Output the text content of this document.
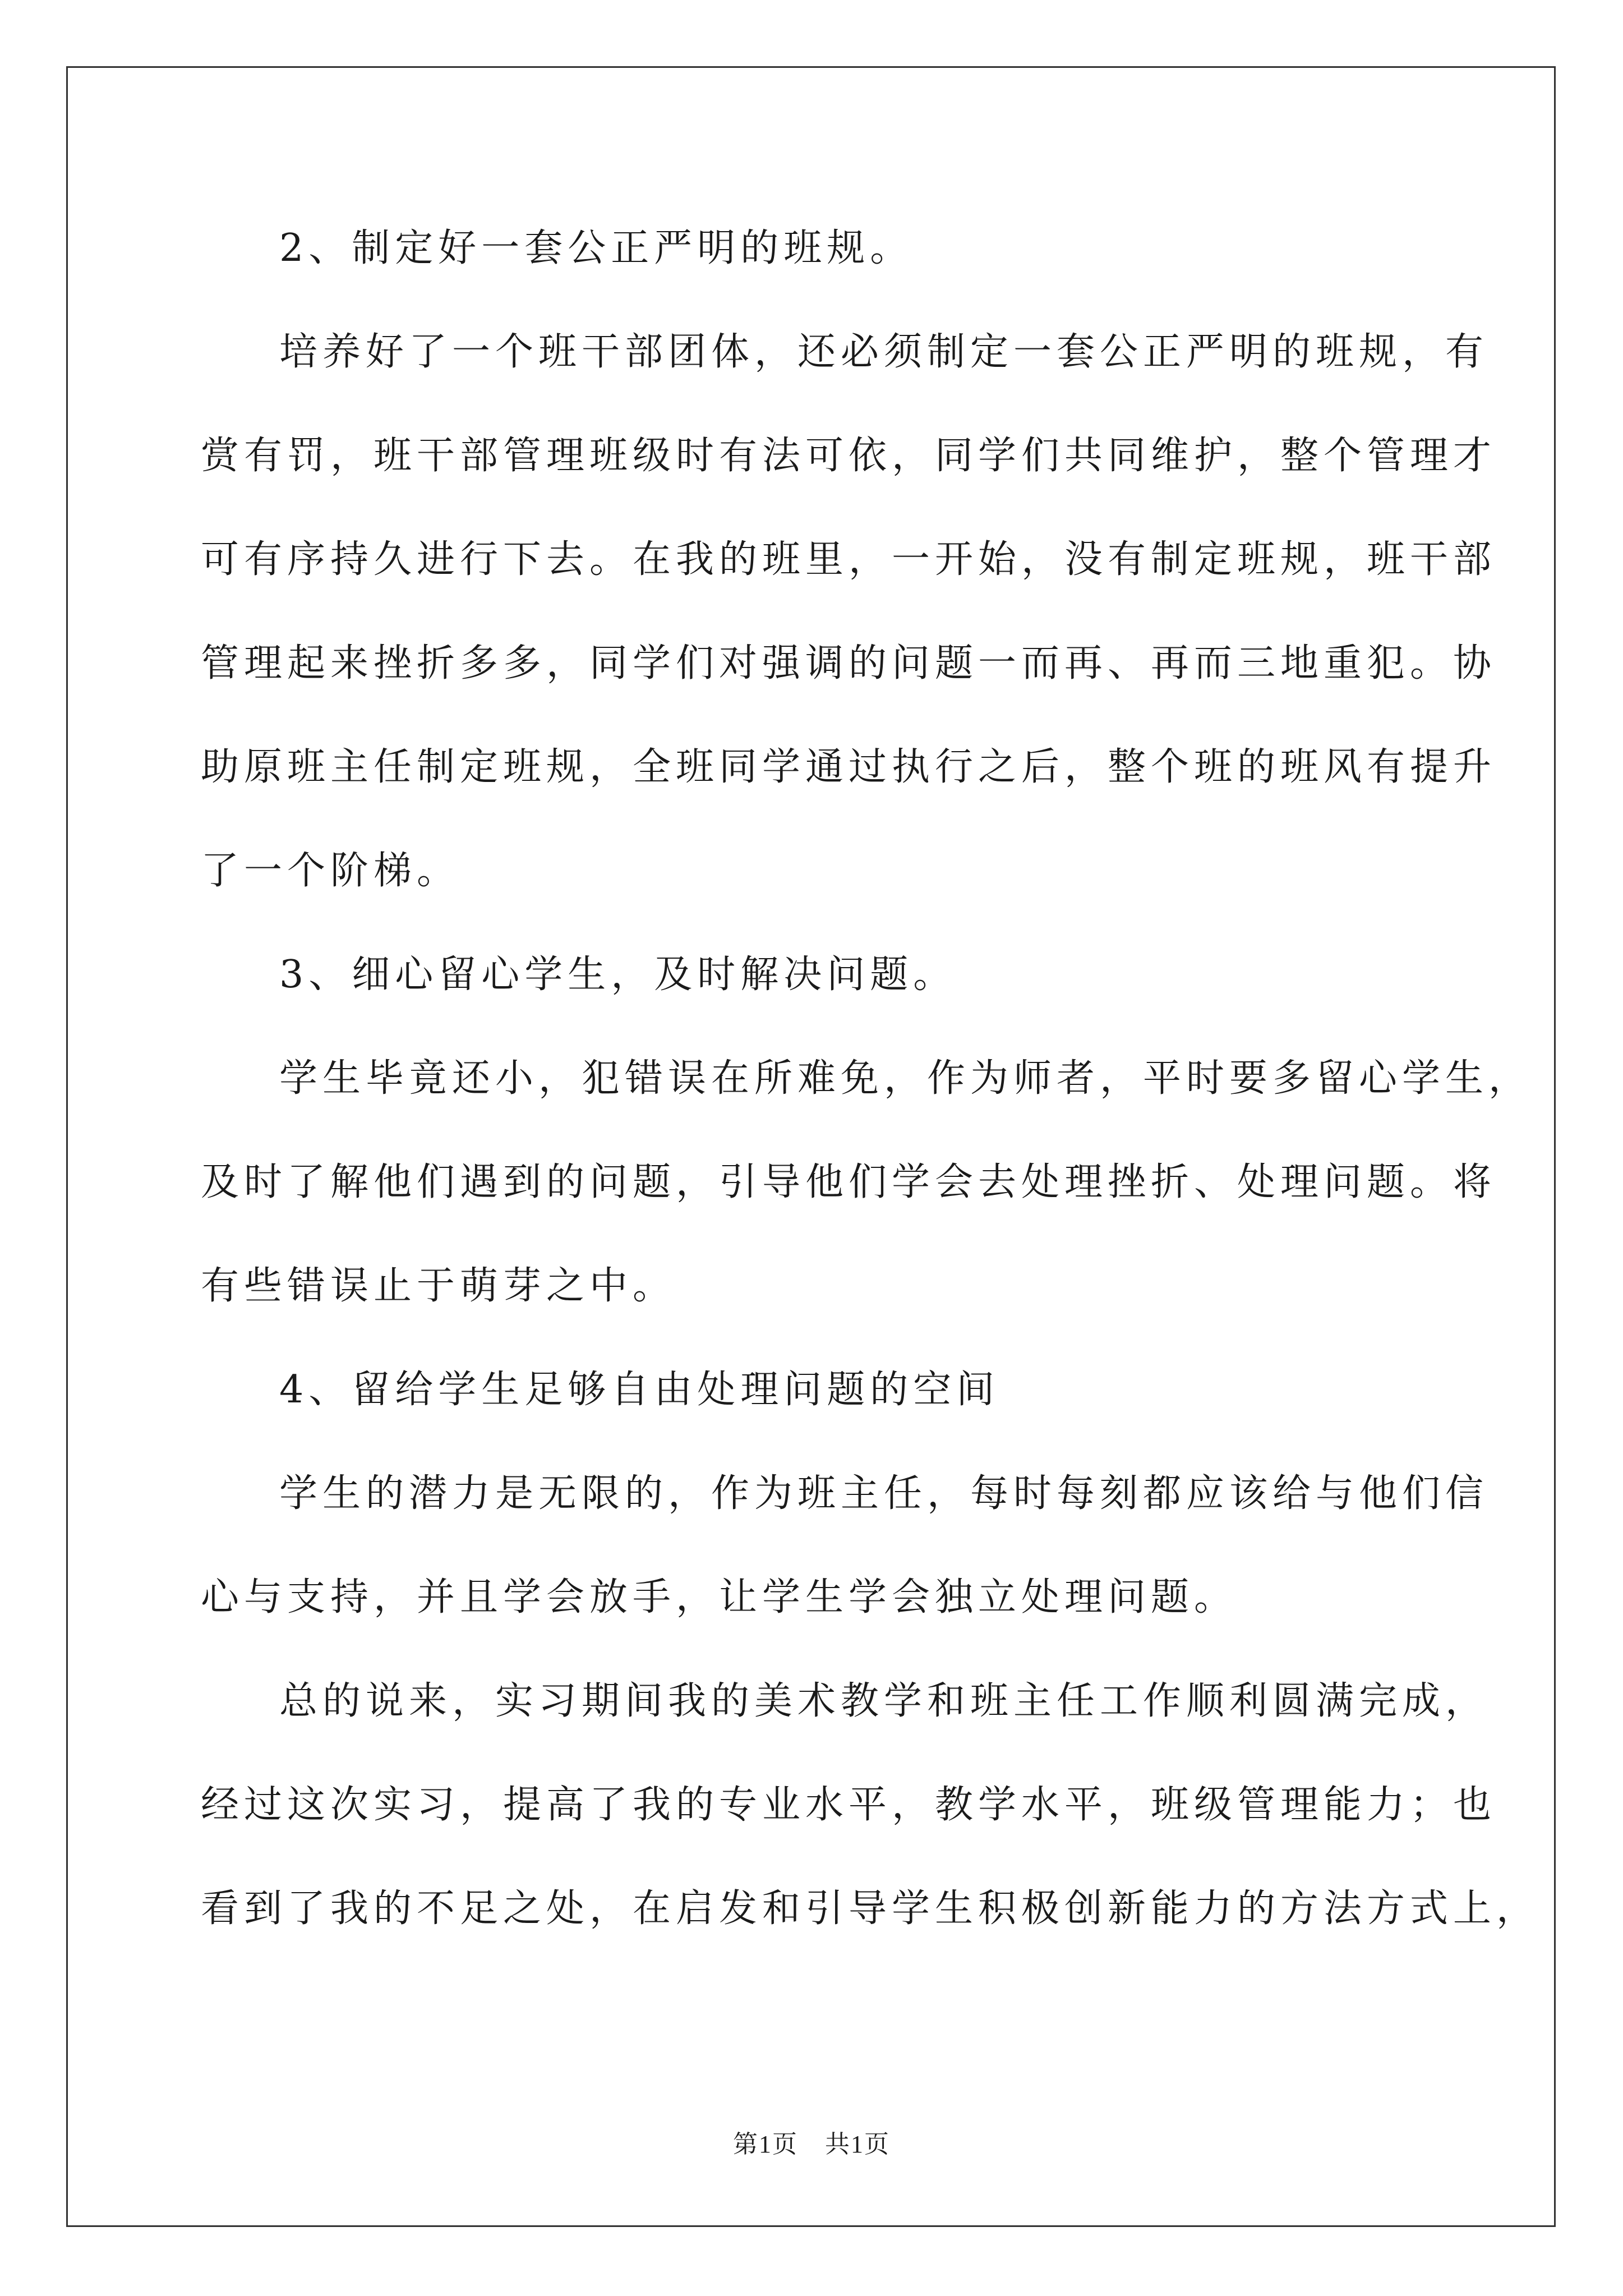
2、制定好一套公正严明的班规。
培养好了一个班干部团体，还必须制定一套公正严明的班规，有
赏有罚，班干部管理班级时有法可依，同学们共同维护，整个管理才
可有序持久进行下去。在我的班里，一开始，没有制定班规，班干部
管理起来挫折多多，同学们对强调的问题一而再、再而三地重犯。协
助原班主任制定班规，全班同学通过执行之后，整个班的班风有提升
了一个阶梯。
3、细心留心学生，及时解决问题。
学生毕竟还小，犯错误在所难免，作为师者，平时要多留心学生，
及时了解他们遇到的问题，引导他们学会去处理挫折、处理问题。将
有些错误止于萌芽之中。
4、留给学生足够自由处理问题的空间
学生的潜力是无限的，作为班主任，每时每刻都应该给与他们信
心与支持，并且学会放手，让学生学会独立处理问题。
总的说来，实习期间我的美术教学和班主任工作顺利圆满完成，
经过这次实习，提高了我的专业水平，教学水平，班级管理能力；也
看到了我的不足之处，在启发和引导学生积极创新能力的方法方式上，
第1页 共1页
